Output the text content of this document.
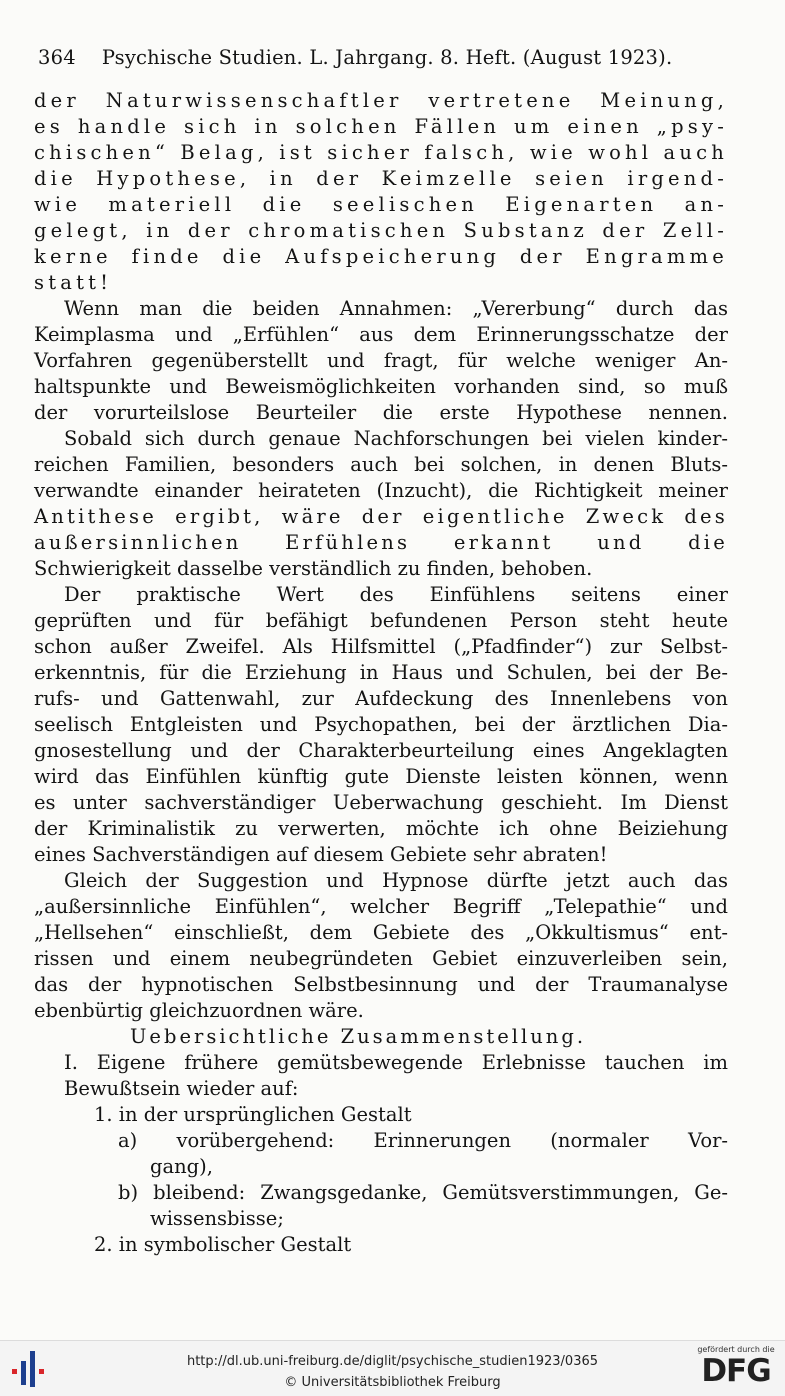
364 Psychische Studien. L. Jahrgang. 8. Heft. (August 1923).
der Naturwissenschaftler vertretene Meinung,
es handle sich in solchen Fällen um einen „psy-
chischen“ Belag, ist sicher falsch, wie wohl auch
die Hypothese, in der Keimzelle seien irgend-
wie materiell die seelischen Eigenarten an-
gelegt, in der chromatischen Substanz der Zell-
kerne finde die Aufspeicherung der Engramme
statt!
Wenn man die beiden Annahmen: „Vererbung“ durch das
Keimplasma und „Erfühlen“ aus dem Erinnerungsschatze der
Vorfahren gegenüberstellt und fragt, für welche weniger An-
haltspunkte und Beweismöglichkeiten vorhanden sind, so muß
der vorurteilslose Beurteiler die erste Hypothese nennen.
Sobald sich durch genaue Nachforschungen bei vielen kinder-
reichen Familien, besonders auch bei solchen, in denen Bluts-
verwandte einander heirateten (Inzucht), die Richtigkeit meiner
Antithese ergibt, wäre der eigentliche Zweck des
außersinnlichen Erfühlens erkannt und die
Schwierigkeit dasselbe verständlich zu finden, behoben.
Der praktische Wert des Einfühlens seitens einer
geprüften und für befähigt befundenen Person steht heute
schon außer Zweifel. Als Hilfsmittel („Pfadfinder“) zur Selbst-
erkenntnis, für die Erziehung in Haus und Schulen, bei der Be-
rufs- und Gattenwahl, zur Aufdeckung des Innenlebens von
seelisch Entgleisten und Psychopathen, bei der ärztlichen Dia-
gnosestellung und der Charakterbeurteilung eines Angeklagten
wird das Einfühlen künftig gute Dienste leisten können, wenn
es unter sachverständiger Ueberwachung geschieht. Im Dienst
der Kriminalistik zu verwerten, möchte ich ohne Beiziehung
eines Sachverständigen auf diesem Gebiete sehr abraten!
Gleich der Suggestion und Hypnose dürfte jetzt auch das
„außersinnliche Einfühlen“, welcher Begriff „Telepathie“ und
„Hellsehen“ einschließt, dem Gebiete des „Okkultismus“ ent-
rissen und einem neubegründeten Gebiet einzuverleiben sein,
das der hypnotischen Selbstbesinnung und der Traumanalyse
ebenbürtig gleichzuordnen wäre.
Uebersichtliche Zusammenstellung.
I. Eigene frühere gemütsbewegende Erlebnisse tauchen im
Bewußtsein wieder auf:
1. in der ursprünglichen Gestalt
a) vorübergehend: Erinnerungen (normaler Vor-
gang),
b) bleibend: Zwangsgedanke, Gemütsverstimmungen, Ge-
wissensbisse;
2. in symbolischer Gestalt
http://dl.ub.uni-freiburg.de/diglit/psychische_studien1923/0365
© Universitätsbibliothek Freiburg
gefördert durch die
DFG
